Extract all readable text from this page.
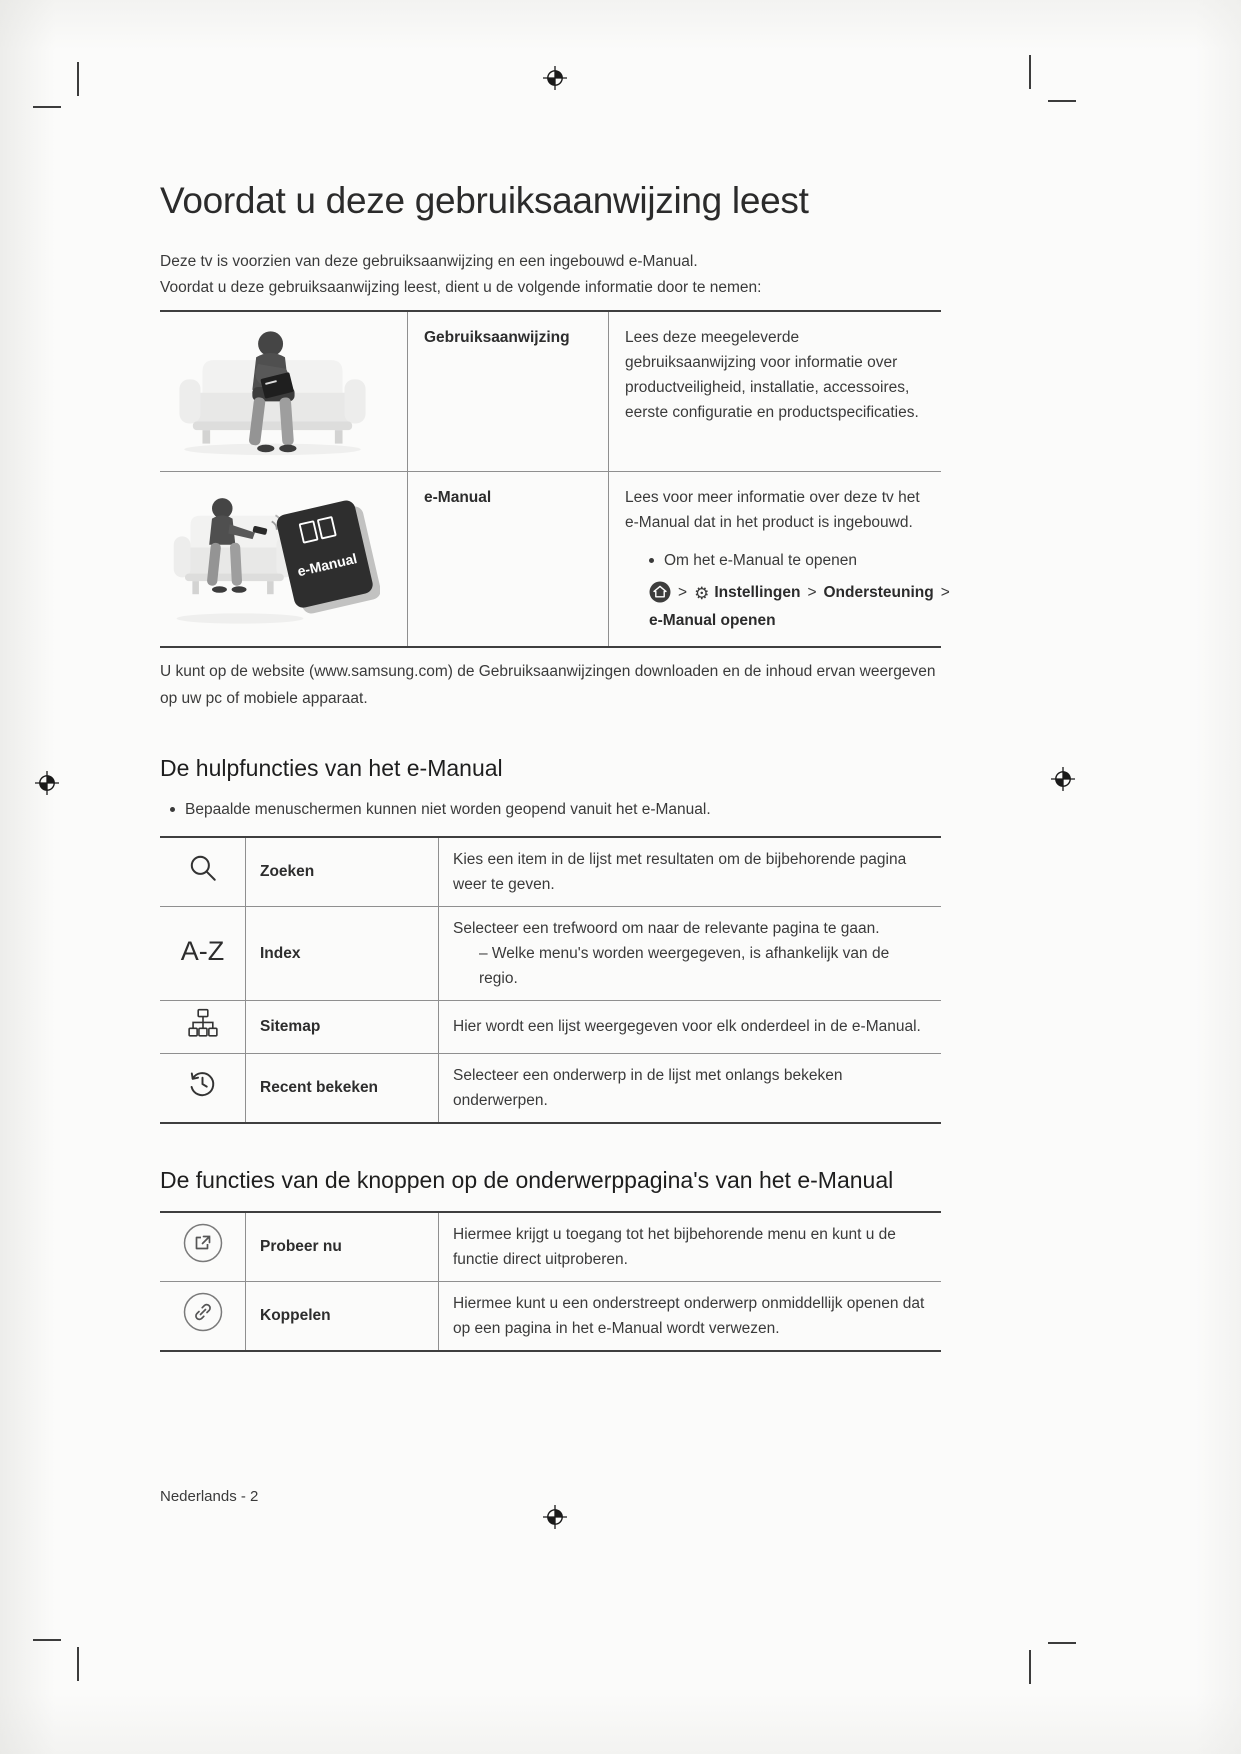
Voordat u deze gebruiksaanwijzing leest

Deze tv is voorzien van deze gebruiksaanwijzing en een ingebouwd e-Manual.
Voordat u deze gebruiksaanwijzing leest, dient u de volgende informatie door te nemen:

	Gebruiksaanwijzing	Lees deze meegeleverde gebruiksaanwijzing voor informatie over productveiligheid, installatie, accessoires, eerste configuratie en productspecificaties.

e-Manual
	e-Manual	Lees voor meer informatie over deze tv het e-Manual dat in het product is ingebouwd.

Om het e-Manual te openen
> ⚙ Instellingen > Ondersteuning >
e-Manual openen

U kunt op de website (www.samsung.com) de Gebruiksaanwijzingen downloaden en de inhoud ervan weergeven op uw pc of mobiele apparaat.

De hulpfuncties van het e-Manual
Bepaalde menuschermen kunnen niet worden geopend vanuit het e-Manual.
	Zoeken	Kies een item in de lijst met resultaten om de bijbehorende pagina weer te geven.
A-Z	Index	Selecteer een trefwoord om naar de relevante pagina te gaan.
– Welke menu's worden weergegeven, is afhankelijk van de regio.

	Sitemap	Hier wordt een lijst weergegeven voor elk onderdeel in de e-Manual.
	Recent bekeken	Selecteer een onderwerp in de lijst met onlangs bekeken onderwerpen.
De functies van de knoppen op de onderwerppagina's van het e-Manual
	Probeer nu	Hiermee krijgt u toegang tot het bijbehorende menu en kunt u de functie direct uitproberen.
	Koppelen	Hiermee kunt u een onderstreept onderwerp onmiddellijk openen dat op een pagina in het e-Manual wordt verwezen.
Nederlands - 2
